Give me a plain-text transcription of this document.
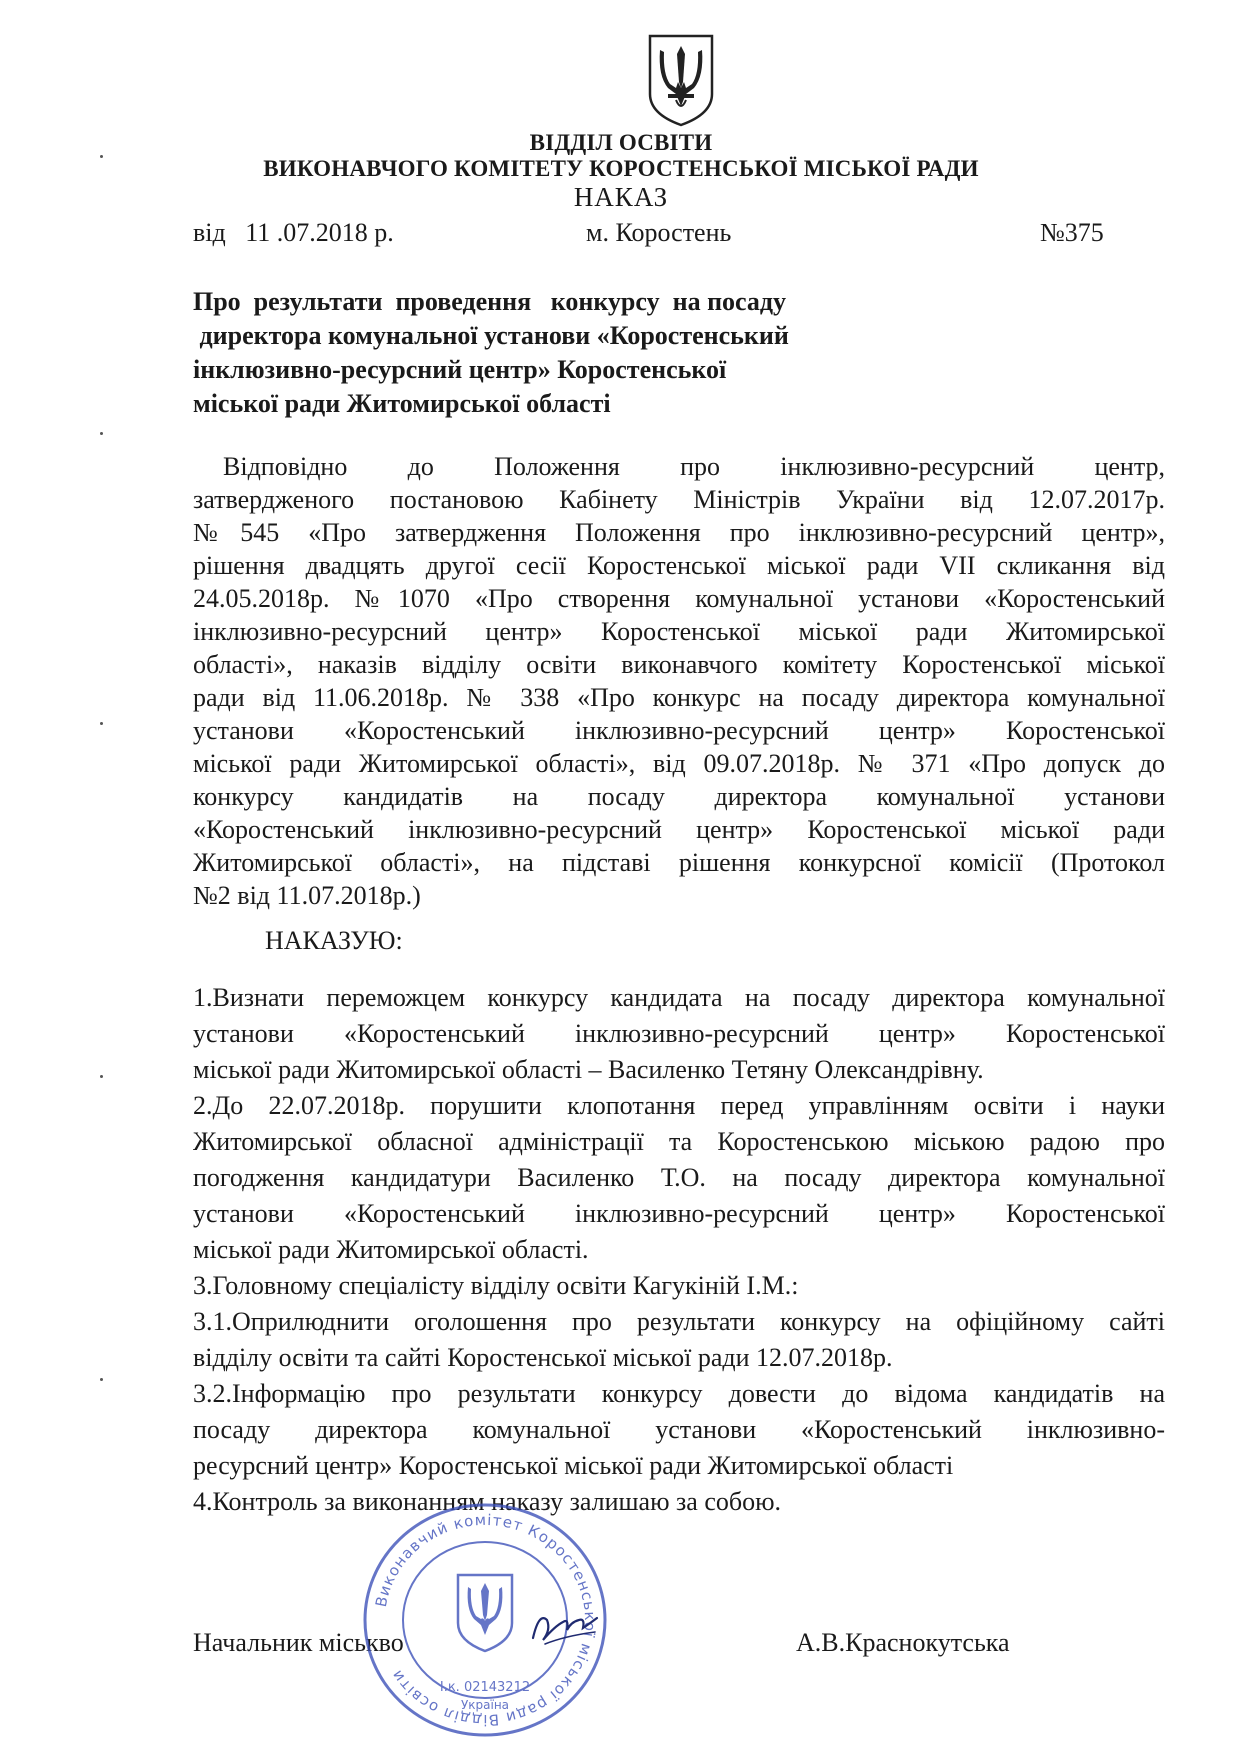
ВІДДІЛ ОСВІТИ
ВИКОНАВЧОГО КОМІТЕТУ КОРОСТЕНСЬКОЇ МІСЬКОЇ РАДИ
НАКАЗ
від   11 .07.2018 р.	м. Коростень	№375
Про  результати  проведення   конкурсу  на посаду
директора комунальної установи «Коростенський
інклюзивно-ресурсний центр» Коростенської
міської ради Житомирської області
Відповідно до Положення про інклюзивно-ресурсний центр,
затвердженого постановою Кабінету Міністрів України від 12.07.2017р.
№545 «Про затвердження Положення про інклюзивно-ресурсний центр»,
рішення двадцять другої сесії Коростенської міської ради VII скликання від
24.05.2018р. №1070 «Про створення комунальної установи «Коростенський
інклюзивно-ресурсний центр» Коростенської міської ради Житомирської
області», наказів відділу освіти виконавчого комітету Коростенської міської
ради від 11.06.2018р. № 338 «Про конкурс на посаду директора комунальної
установи «Коростенський інклюзивно-ресурсний центр» Коростенської
міської ради Житомирської області», від 09.07.2018р. № 371 «Про допуск до
конкурсу кандидатів на посаду директора комунальної установи
«Коростенський інклюзивно-ресурсний центр» Коростенської міської ради
Житомирської області», на підставі рішення конкурсної комісії (Протокол
№2 від 11.07.2018р.)
НАКАЗУЮ:
1.Визнати переможцем конкурсу кандидата на посаду директора комунальної
установи «Коростенський інклюзивно-ресурсний центр» Коростенської
міської ради Житомирської області – Василенко Тетяну Олександрівну.
2.До 22.07.2018р. порушити клопотання перед управлінням освіти і науки
Житомирської обласної адміністрації та Коростенською міською радою про
погодження кандидатури Василенко Т.О. на посаду директора комунальної
установи «Коростенський інклюзивно-ресурсний центр» Коростенської
міської ради Житомирської області.
3.Головному спеціалісту відділу освіти Кагукіній І.М.:
3.1.Оприлюднити оголошення про результати конкурсу на офіційному сайті
відділу освіти та сайті Коростенської міської ради 12.07.2018р.
3.2.Інформацію про результати конкурсу довести до відома кандидатів на
посаду директора комунальної установи «Коростенський інклюзивно-
ресурсний центр» Коростенської міської ради Житомирської області
4.Контроль за виконанням наказу залишаю за собою.
Начальник міськво	А.В.Краснокутська
Виконавчий комітет Коростенської міської ради Відділ освіти
І.к. 02143212
Україна
